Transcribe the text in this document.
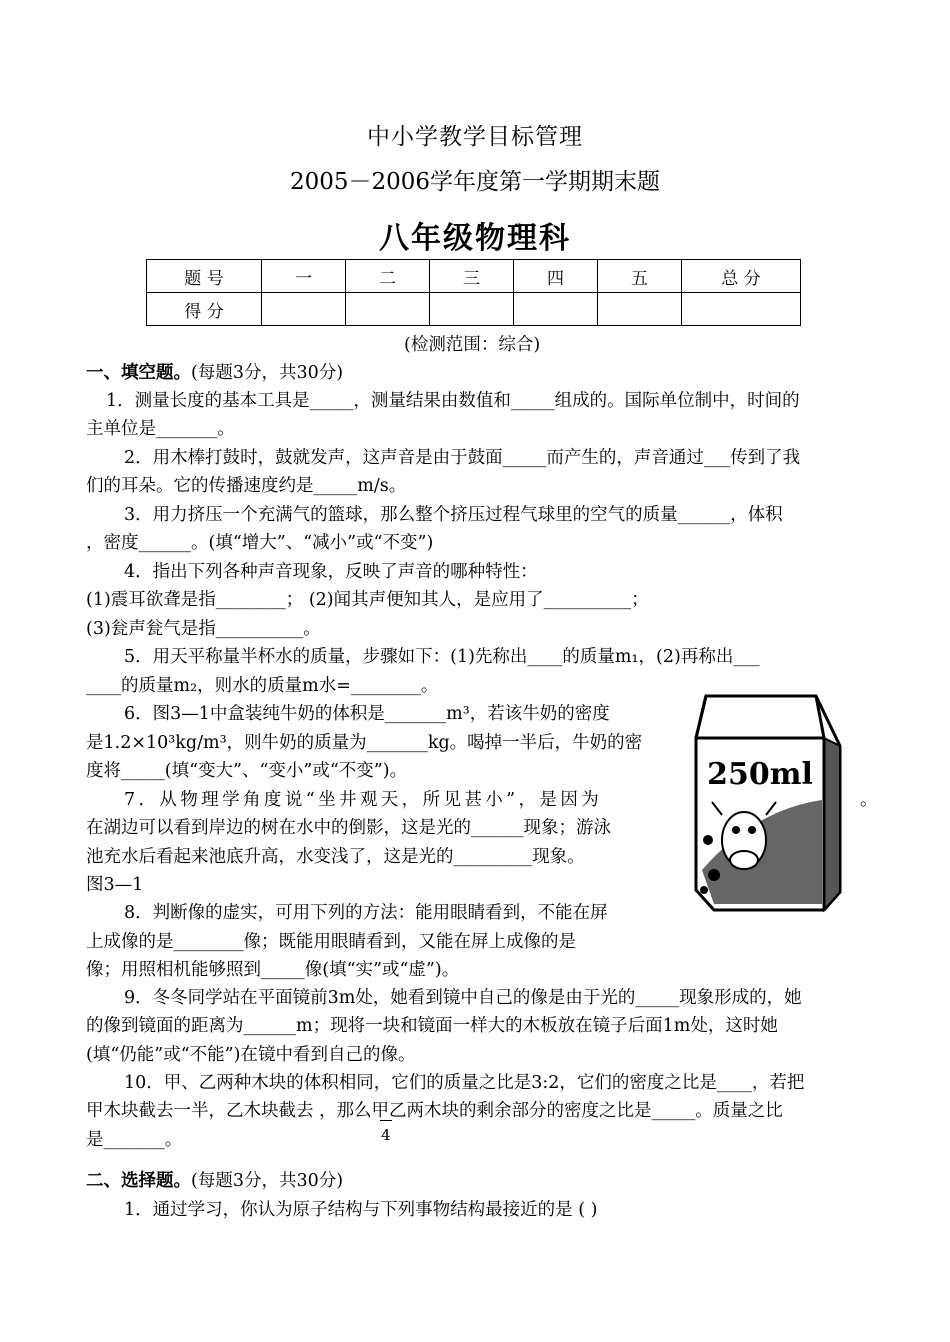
中小学教学目标管理
2005－2006学年度第一学期期末题
八年级物理科
题 号	一	二	三	四	五	总 分
得 分						
(检测范围：综合)
一、填空题。(每题3分，共30分)
1．测量长度的基本工具是_____，测量结果由数值和_____组成的。国际单位制中，时间的
主单位是_______。
2．用木棒打鼓时，鼓就发声，这声音是由于鼓面_____而产生的，声音通过___传到了我
们的耳朵。它的传播速度约是_____m/s。
3．用力挤压一个充满气的篮球，那么整个挤压过程气球里的空气的质量______，体积
，密度______。(填“增大”、“减小”或“不变”)
4．指出下列各种声音现象，反映了声音的哪种特性：
(1)震耳欲聋是指________； (2)闻其声便知其人，是应用了__________；
(3)瓮声瓮气是指__________。
5．用天平称量半杯水的质量，步骤如下：(1)先称出____的质量m₁，(2)再称出___
____的质量m₂，则水的质量m水=________。
6．图3—1中盒装纯牛奶的体积是_______m³，若该牛奶的密度
是1.2×10³kg/m³，则牛奶的质量为_______kg。喝掉一半后，牛奶的密
度将_____(填“变大”、“变小”或“不变”)。
7．从物理学角度说“坐井观天，所见甚小”，是因为
在湖边可以看到岸边的树在水中的倒影，这是光的______现象；游泳
池充水后看起来池底升高，水变浅了，这是光的_________现象。
图3—1
。
8．判断像的虚实，可用下列的方法：能用眼睛看到，不能在屏
上成像的是________像；既能用眼睛看到，又能在屏上成像的是
像；用照相机能够照到_____像(填“实”或“虚”)。
9．冬冬同学站在平面镜前3m处，她看到镜中自己的像是由于光的_____现象形成的，她
的像到镜面的距离为______m；现将一块和镜面一样大的木板放在镜子后面1m处，这时她
(填“仍能”或“不能”)在镜中看到自己的像。
10．甲、乙两种木块的体积相同，它们的质量之比是3:2，它们的密度之比是____，若把
甲木块截去一半，乙木块截去 ，那么甲乙两木块的剩余部分的密度之比是_____。质量之比
4
是_______。
二、选择题。(每题3分，共30分)
1．通过学习，你认为原子结构与下列事物结构最接近的是 ( )
250ml
